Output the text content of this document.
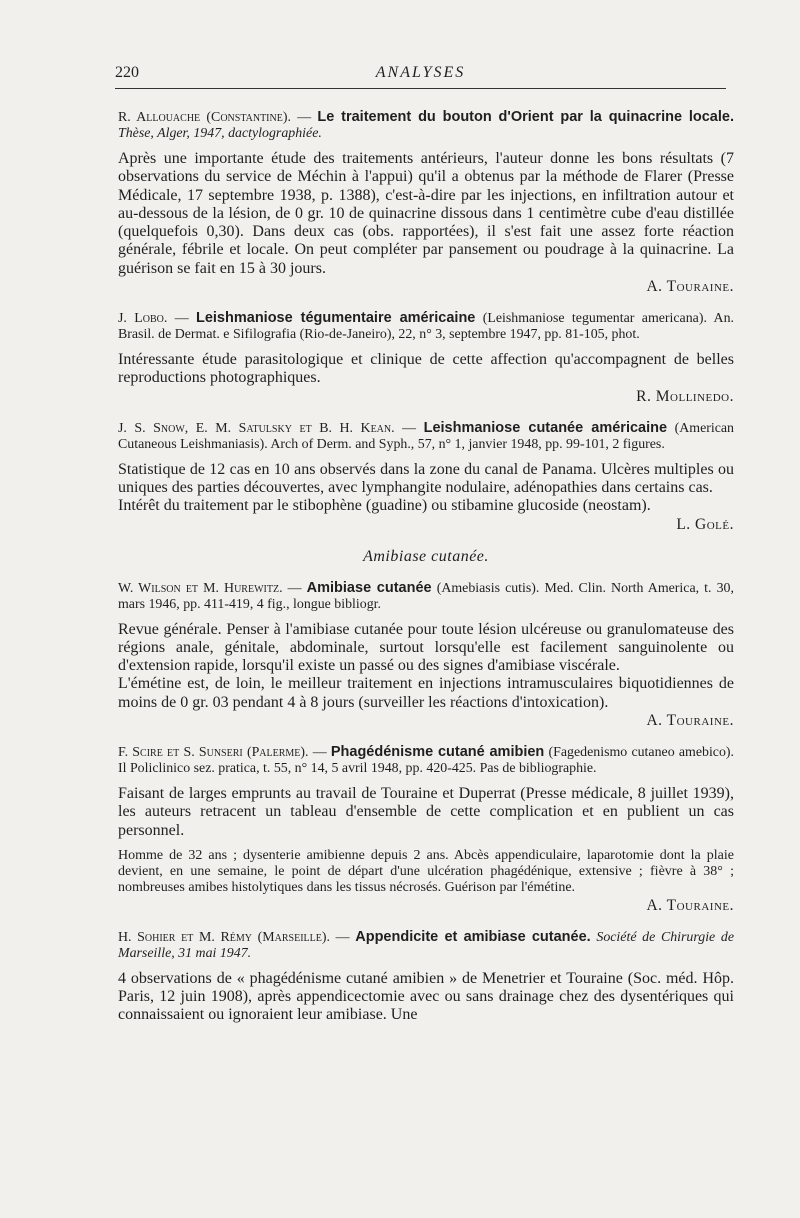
220	ANALYSES

R. Allouache (Constantine). — Le traitement du bouton d'Orient par la quinacrine locale. Thèse, Alger, 1947, dactylographiée.

Après une importante étude des traitements antérieurs, l'auteur donne les bons résultats (7 observations du service de Méchin à l'appui) qu'il a obtenus par la méthode de Flarer (Presse Médicale, 17 septembre 1938, p. 1388), c'est-à-dire par les injections, en infiltration autour et au-dessous de la lésion, de 0 gr. 10 de quinacrine dissous dans 1 centimètre cube d'eau distillée (quelquefois 0,30). Dans deux cas (obs. rapportées), il s'est fait une assez forte réaction générale, fébrile et locale. On peut compléter par pansement ou poudrage à la quinacrine. La guérison se fait en 15 à 30 jours.

A. Touraine.

J. Lobo. — Leishmaniose tégumentaire américaine (Leishmaniose tegumentar americana). An. Brasil. de Dermat. e Sifilografia (Rio-de-Janeiro), 22, n° 3, septembre 1947, pp. 81-105, phot.

Intéressante étude parasitologique et clinique de cette affection qu'accompagnent de belles reproductions photographiques.

R. Mollinedo.

J. S. Snow, E. M. Satulsky et B. H. Kean. — Leishmaniose cutanée américaine (American Cutaneous Leishmaniasis). Arch of Derm. and Syph., 57, n° 1, janvier 1948, pp. 99-101, 2 figures.

Statistique de 12 cas en 10 ans observés dans la zone du canal de Panama. Ulcères multiples ou uniques des parties découvertes, avec lymphangite nodulaire, adénopathies dans certains cas.

Intérêt du traitement par le stibophène (guadine) ou stibamine glucoside (neostam).

L. Golé.

Amibiase cutanée.

W. Wilson et M. Hurewitz. — Amibiase cutanée (Amebiasis cutis). Med. Clin. North America, t. 30, mars 1946, pp. 411-419, 4 fig., longue bibliogr.

Revue générale. Penser à l'amibiase cutanée pour toute lésion ulcéreuse ou granulomateuse des régions anale, génitale, abdominale, surtout lorsqu'elle est facilement sanguinolente ou d'extension rapide, lorsqu'il existe un passé ou des signes d'amibiase viscérale.

L'émétine est, de loin, le meilleur traitement en injections intramusculaires biquotidiennes de moins de 0 gr. 03 pendant 4 à 8 jours (surveiller les réactions d'intoxication).

A. Touraine.

F. Scire et S. Sunseri (Palerme). — Phagédénisme cutané amibien (Fagedenismo cutaneo amebico). Il Policlinico sez. pratica, t. 55, n° 14, 5 avril 1948, pp. 420-425. Pas de bibliographie.

Faisant de larges emprunts au travail de Touraine et Duperrat (Presse médicale, 8 juillet 1939), les auteurs retracent un tableau d'ensemble de cette complication et en publient un cas personnel.

Homme de 32 ans ; dysenterie amibienne depuis 2 ans. Abcès appendiculaire, laparotomie dont la plaie devient, en une semaine, le point de départ d'une ulcération phagédénique, extensive ; fièvre à 38° ; nombreuses amibes histolytiques dans les tissus nécrosés. Guérison par l'émétine.

A. Touraine.

H. Sohier et M. Rémy (Marseille). — Appendicite et amibiase cutanée. Société de Chirurgie de Marseille, 31 mai 1947.

4 observations de « phagédénisme cutané amibien » de Menetrier et Touraine (Soc. méd. Hôp. Paris, 12 juin 1908), après appendicectomie avec ou sans drainage chez des dysentériques qui connaissaient ou ignoraient leur amibiase. Une
